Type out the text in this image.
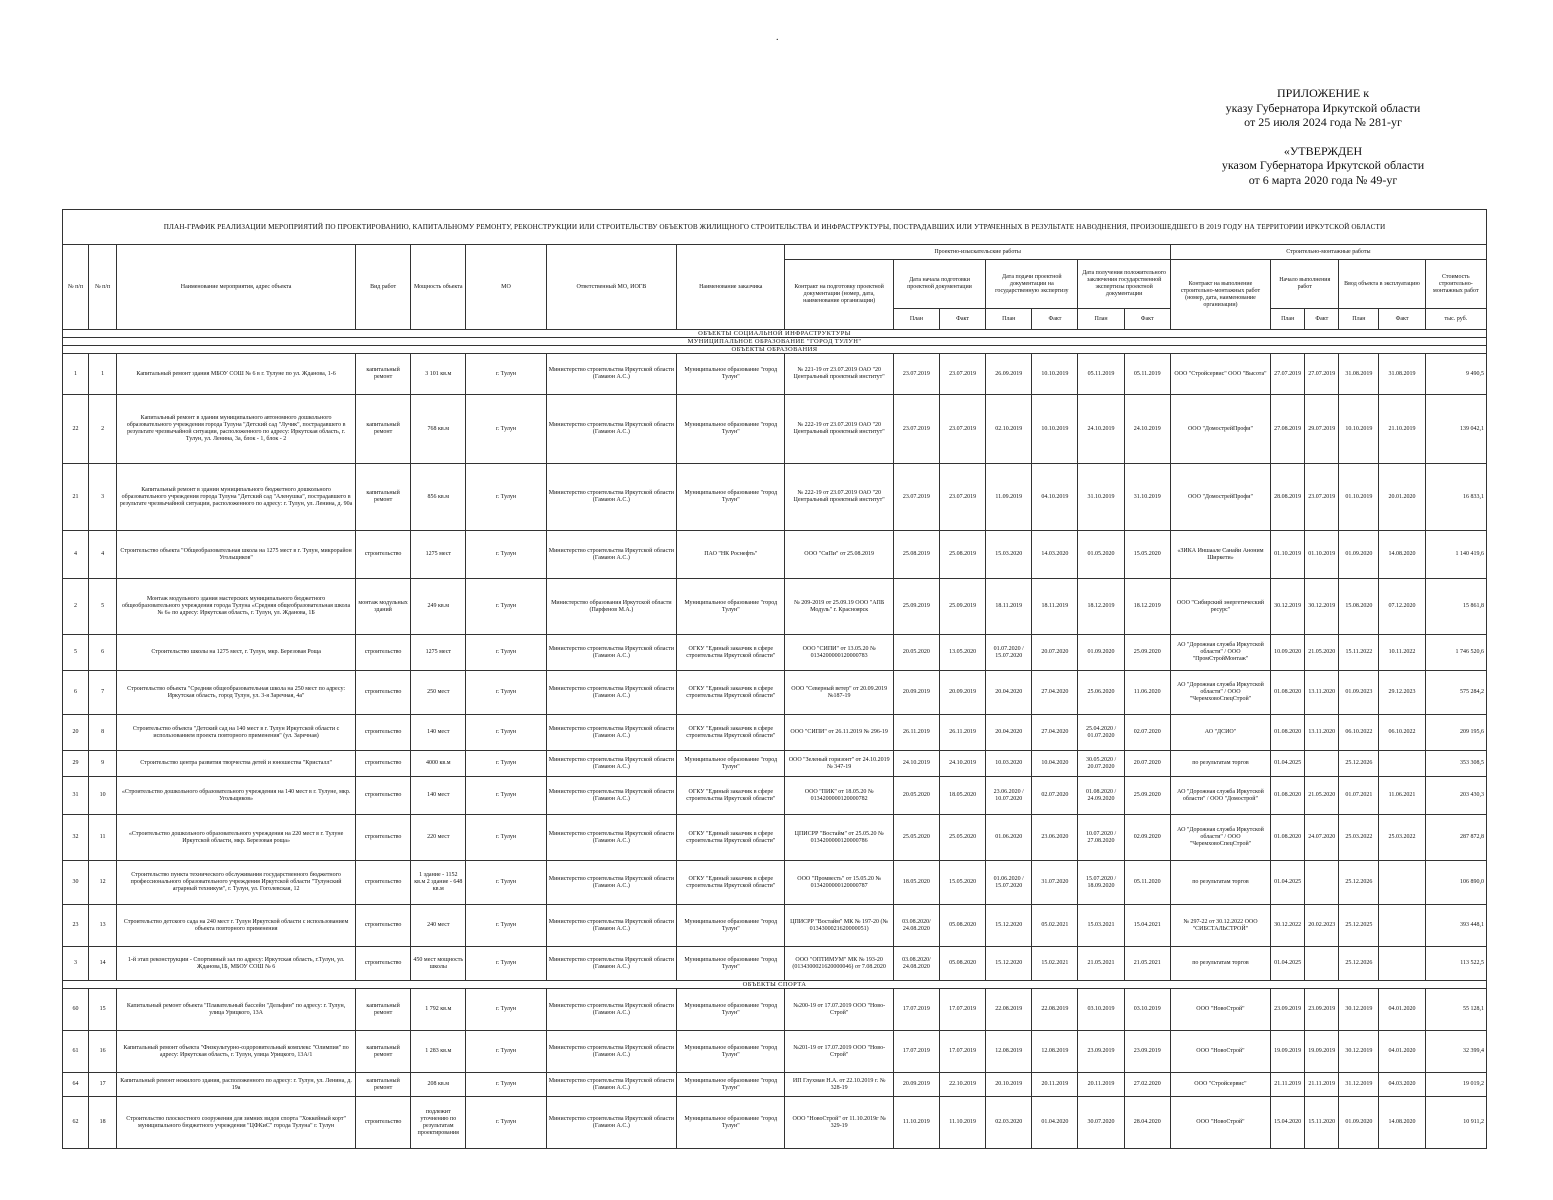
.
ПРИЛОЖЕНИЕ к
указу Губернатора Иркутской области
от 25 июля 2024 года № 281-уг
«УТВЕРЖДЕН
указом Губернатора Иркутской области
от 6 марта 2020 года № 49-уг
ПЛАН-ГРАФИК РЕАЛИЗАЦИИ МЕРОПРИЯТИЙ ПО ПРОЕКТИРОВАНИЮ, КАПИТАЛЬНОМУ РЕМОНТУ, РЕКОНСТРУКЦИИ ИЛИ СТРОИТЕЛЬСТВУ ОБЪЕКТОВ ЖИЛИЩНОГО СТРОИТЕЛЬСТВА И ИНФРАСТРУКТУРЫ, ПОСТРАДАВШИХ ИЛИ УТРАЧЕННЫХ В РЕЗУЛЬТАТЕ НАВОДНЕНИЯ, ПРОИЗОШЕДШЕГО В 2019 ГОДУ НА ТЕРРИТОРИИ ИРКУТСКОЙ ОБЛАСТИ																				
№ п/п	№ п/п	Наименование мероприятия, адрес объекта	Вид работ	Мощность объекта	МО	Ответственный МО, ИОГВ	Наименование заказчика	Проектно-изыскательские работы							Строительно-монтажные работы					
								Контракт на подготовку проектной документации (номер, дата, наименование организации)	Дата начала подготовки проектной документации		Дата подачи проектной документации на государственную экспертизу		Дата получения положительного заключения государственной экспертизы проектной документации		Контракт на выполнение строительно-монтажных работ (номер, дата, наименование организации)	Начало выполнения работ		Ввод объекта в эксплуатацию		Стоимость строительно-монтажных работ
									План	Факт	План	Факт	План	Факт		План	Факт	План	Факт	тыс. руб.
ОБЪЕКТЫ СОЦИАЛЬНОЙ ИНФРАСТРУКТУРЫ																				
МУНИЦИПАЛЬНОЕ ОБРАЗОВАНИЕ "ГОРОД ТУЛУН"																				
ОБЪЕКТЫ ОБРАЗОВАНИЯ																				
1	1	Капитальный ремонт здания МБОУ СОШ № 6 в г. Тулуне по ул. Жданова, 1-6	капитальный ремонт	3 101 кв.м	г. Тулун	Министерство строительства Иркутской области (Гамаюн А.С.)	Муниципальное образование "город Тулун"	№ 221-19 от 23.07.2019 ОАО "20 Центральный проектный институт"	23.07.2019	23.07.2019	26.09.2019	10.10.2019	05.11.2019	05.11.2019	ООО "Стройсервис" ООО "Высота"	27.07.2019	27.07.2019	31.08.2019	31.08.2019	9 490,5
22	2	Капитальный ремонт в здании муниципального автономного дошкольного образовательного учреждения города Тулуна "Детский сад "Лучик", пострадавшего в результате чрезвычайной ситуации, расположенного по адресу: Иркутская область, г. Тулун, ул. Ленина, 3а, блок - 1, блок - 2	капитальный ремонт	768 кв.м	г. Тулун	Министерство строительства Иркутской области (Гамаюн А.С.)	Муниципальное образование "город Тулун"	№ 222-19 от 23.07.2019 ОАО "20 Центральный проектный институт"	23.07.2019	23.07.2019	02.10.2019	10.10.2019	24.10.2019	24.10.2019	ООО "ДомострейПрофи"	27.08.2019	29.07.2019	10.10.2019	21.10.2019	139 042,1
21	3	Капитальный ремонт в здании муниципального бюджетного дошкольного образовательного учреждения города Тулуна "Детский сад "Аленушка", пострадавшего в результате чрезвычайной ситуации, расположенного по адресу: г. Тулун, ул. Ленина, д. 90а	капитальный ремонт	856 кв.м	г. Тулун	Министерство строительства Иркутской области (Гамаюн А.С.)	Муниципальное образование "город Тулун"	№ 222-19 от 23.07.2019 ОАО "20 Центральный проектный институт"	23.07.2019	23.07.2019	11.09.2019	04.10.2019	31.10.2019	31.10.2019	ООО "ДомострейПрофи"	28.08.2019	23.07.2019	01.10.2019	20.01.2020	16 833,1
4	4	Строительство объекта "Общеобразовательная школа на 1275 мест в г. Тулун, микрорайон Угольщиков"	строительство	1275 мест	г. Тулун	Министерство строительства Иркутской области (Гамаюн А.С.)	ПАО "НК Роснефть"	ООО "СиПи" от 25.08.2019	25.08.2019	25.08.2019	15.03.2020	14.03.2020	01.05.2020	15.05.2020	«ЗИКА Иншаале Санайи Аноним Ширкети»	01.10.2019	01.10.2019	01.09.2020	14.08.2020	1 140 419,6
2	5	Монтаж модульного здания мастерских муниципального бюджетного общеобразовательного учреждения города Тулуна «Средняя общеобразовательная школа № 6» по адресу: Иркутская область, г. Тулун, ул. Жданова, 1Б	монтаж модульных зданий	249 кв.м	г. Тулун	Министерство образования Иркутской области (Парфенов М.А.)	Муниципальное образование "город Тулун"	№ 209-2019 от 25.09.19 ООО "АПБ Модуль" г. Красноярск	25.09.2019	25.09.2019	18.11.2019	18.11.2019	18.12.2019	18.12.2019	ООО "Сибирский энергетический ресурс"	30.12.2019	30.12.2019	15.08.2020	07.12.2020	15 861,8
5	6	Строительство школы на 1275 мест, г. Тулун, мкр. Березовая Роща	строительство	1275 мест	г. Тулун	Министерство строительства Иркутской области (Гамаюн А.С.)	ОГКУ "Единый заказчик в сфере строительства Иркутской области"	ООО "СИПИ" от 13.05.20 № 0134200000120000783	20.05.2020	13.05.2020	01.07.2020 / 15.07.2020	20.07.2020	01.09.2020	25.09.2020	АО "Дорожная служба Иркутской области" / ООО "ПромСтройМонтаж"	10.09.2020	21.05.2020	15.11.2022	10.11.2022	1 746 520,6
6	7	Строительство объекта "Средняя общеобразовательная школа на 250 мест по адресу: Иркутская область, город Тулун, ул. 3-я Заречная, 4а"	строительство	250 мест	г. Тулун	Министерство строительства Иркутской области (Гамаюн А.С.)	ОГКУ "Единый заказчик в сфере строительства Иркутской области"	ООО "Северный ветер" от 20.09.2019 №187-19	20.09.2019	20.09.2019	20.04.2020	27.04.2020	25.06.2020	11.06.2020	АО "Дорожная служба Иркутской области" / ООО "ЧеремховоСпецСтрой"	01.08.2020	13.11.2020	01.09.2023	29.12.2023	575 284,2
20	8	Строительство объекта "Детский сад на 140 мест в г. Тулун Иркутской области с использованием проекта повторного применения" (ул. Заречная)	строительство	140 мест	г. Тулун	Министерство строительства Иркутской области (Гамаюн А.С.)	ОГКУ "Единый заказчик в сфере строительства Иркутской области"	ООО "СИПИ" от 26.11.2019 № 296-19	26.11.2019	26.11.2019	20.04.2020	27.04.2020	25.04.2020 / 01.07.2020	02.07.2020	АО "ДСИО"	01.08.2020	13.11.2020	06.10.2022	06.10.2022	209 195,6
29	9	Строительство центра развития творчества детей и юношества "Кристалл"	строительство	4000 кв.м	г. Тулун	Министерство строительства Иркутской области (Гамаюн А.С.)	Муниципальное образование "город Тулун"	ООО "Зеленый горизонт" от 24.10.2019 № 347-19	24.10.2019	24.10.2019	10.03.2020	10.04.2020	30.05.2020 / 20.07.2020	20.07.2020	по результатам торгов	01.04.2025		25.12.2026		353 308,5
31	10	«Строительство дошкольного образовательного учреждения на 140 мест в г. Тулуне, мкр. Угольщиков»	строительство	140 мест	г. Тулун	Министерство строительства Иркутской области (Гамаюн А.С.)	ОГКУ "Единый заказчик в сфере строительства Иркутской области"	ООО "ПИК" от 18.05.20 № 0134200000120000782	20.05.2020	18.05.2020	23.06.2020 / 10.07.2020	02.07.2020	01.08.2020 / 24.09.2020	25.09.2020	АО "Дорожная служба Иркутской области" / ООО "Домострой"	01.08.2020	21.05.2020	01.07.2021	11.06.2021	203 430,3
32	11	«Строительство дошкольного образовательного учреждения на 220 мест в г. Тулуне Иркутской области, мкр. Березовая роща»	строительство	220 мест	г. Тулун	Министерство строительства Иркутской области (Гамаюн А.С.)	ОГКУ "Единый заказчик в сфере строительства Иркутской области"	ЦПИСРР "Востайм" от 25.05.20 № 0134200000120000786	25.05.2020	25.05.2020	01.06.2020	23.06.2020	10.07.2020 / 27.08.2020	02.09.2020	АО "Дорожная служба Иркутской области" / ООО "ЧеремховоСпецСтрой"	01.08.2020	24.07.2020	25.03.2022	25.03.2022	287 872,8
30	12	Строительство пункта технического обслуживания государственного бюджетного профессионального образовательного учреждения Иркутской области "Тулунский аграрный техникум", г. Тулун, ул. Гоголевская, 12	строительство	1 здание - 1152 кв.м 2 здание - 648 кв.м	г. Тулун	Министерство строительства Иркутской области (Гамаюн А.С.)	ОГКУ "Единый заказчик в сфере строительства Иркутской области"	ООО "Промвесть" от 15.05.20 № 0134200000120000787	18.05.2020	15.05.2020	01.06.2020 / 15.07.2020	31.07.2020	15.07.2020 / 18.09.2020	05.11.2020	по результатам торгов	01.04.2025		25.12.2026		106 890,0
23	13	Строительство детского сада на 240 мест г. Тулун Иркутской области с использованием объекта повторного применения	строительство	240 мест	г. Тулун	Министерство строительства Иркутской области (Гамаюн А.С.)	Муниципальное образование "город Тулун"	ЦПИСРР "Востайм" МК № 197-20 (№ 0134300021620000051)	03.08.2020/ 24.08.2020	05.08.2020	15.12.2020	05.02.2021	15.03.2021	15.04.2021	№ 297-22 от 30.12.2022 ООО "СИБСТАЛЬСТРОЙ"	30.12.2022	20.02.2023	25.12.2025		393 448,1
3	14	1-й этап реконструкции - Спортивный зал по адресу: Иркутская область, г.Тулун, ул. Жданова,1Б, МБОУ СОШ № 6	строительство	450 мест мощность школы	г. Тулун	Министерство строительства Иркутской области (Гамаюн А.С.)	Муниципальное образование "город Тулун"	ООО "ОПТИМУМ" МК № 193-20 (0134300021620000046) от 7.08.2020	03.08.2020/ 24.08.2020	05.08.2020	15.12.2020	15.02.2021	21.05.2021	21.05.2021	по результатам торгов	01.04.2025		25.12.2026		113 522,5
ОБЪЕКТЫ СПОРТА																				
60	15	Капитальный ремонт объекта "Плавательный бассейн "Дельфин" по адресу: г. Тулун, улица Урицкого, 13А	капитальный ремонт	1 792 кв.м	г. Тулун	Министерство строительства Иркутской области (Гамаюн А.С.)	Муниципальное образование "город Тулун"	№200-19 от 17.07.2019 ООО "Ново-Строй"	17.07.2019	17.07.2019	22.08.2019	22.08.2019	03.10.2019	03.10.2019	ООО "НовоСтрой"	23.09.2019	23.09.2019	30.12.2019	04.01.2020	55 128,1
61	16	Капитальный ремонт объекта "Физкультурно-оздоровительный комплекс "Олимпия" по адресу: Иркутская область, г. Тулун, улица Урицкого, 13А/1	капитальный ремонт	1 283 кв.м	г. Тулун	Министерство строительства Иркутской области (Гамаюн А.С.)	Муниципальное образование "город Тулун"	№201-19 от 17.07.2019 ООО "Ново-Строй"	17.07.2019	17.07.2019	12.08.2019	12.08.2019	23.09.2019	23.09.2019	ООО "НовоСтрой"	19.09.2019	19.09.2019	30.12.2019	04.01.2020	32 399,4
64	17	Капитальный ремонт нежилого здания, расположенного по адресу: г. Тулун, ул. Ленина, д. 19а	капитальный ремонт	208 кв.м	г. Тулун	Министерство строительства Иркутской области (Гамаюн А.С.)	Муниципальное образование "город Тулун"	ИП Глухман Н.А. от 22.10.2019 г. № 328-19	20.09.2019	22.10.2019	20.10.2019	20.11.2019	20.11.2019	27.02.2020	ООО "Стройсервис"	21.11.2019	21.11.2019	31.12.2019	04.03.2020	19 019,2
62	18	Строительство плоскостного сооружения для зимних видов спорта "Хоккейный корт" муниципального бюджетного учреждения "ЦФКиС" города Тулуна" г. Тулун	строительство	подлежит уточнению по результатам проектирования	г. Тулун	Министерство строительства Иркутской области (Гамаюн А.С.)	Муниципальное образование "город Тулун"	ООО "НовоСтрой" от 11.10.2019г № 329-19	11.10.2019	11.10.2019	02.03.2020	01.04.2020	30.07.2020	28.04.2020	ООО "НовоСтрой"	15.04.2020	15.11.2020	01.09.2020	14.08.2020	10 911,2
